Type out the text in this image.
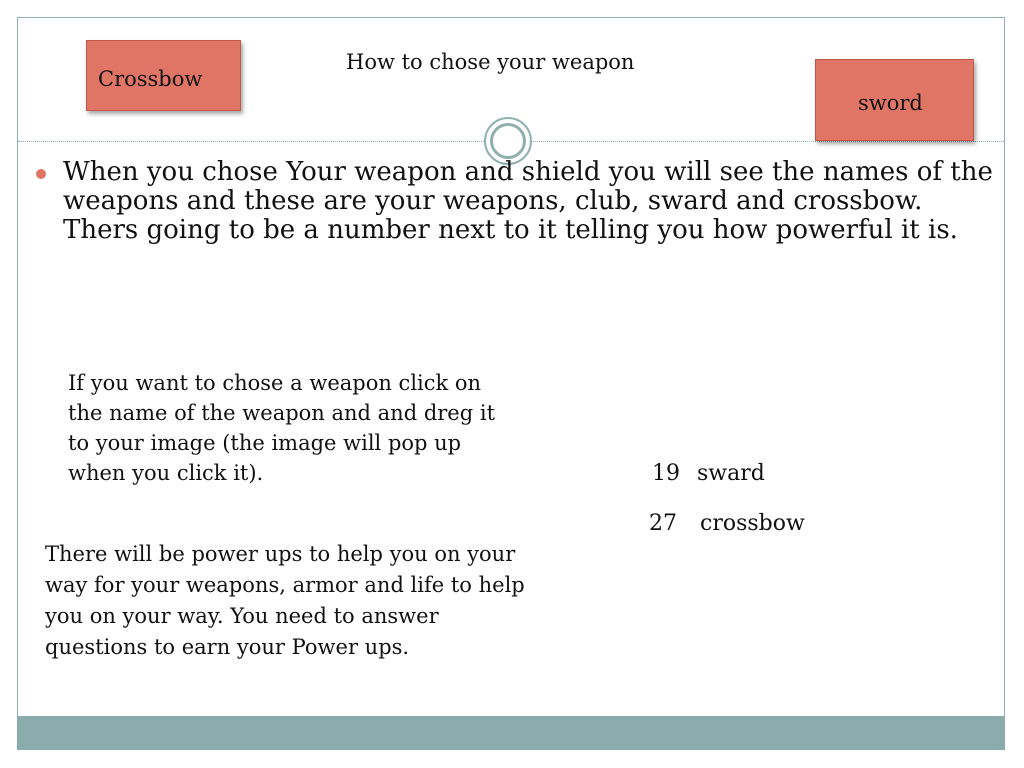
Crossbow
How to chose your weapon
sword
When you chose Your weapon and shield you will see the names of the weapons and these are your weapons, club, sward and crossbow. Thers going to be a number next to it telling you how powerful it is.
If you want to chose a weapon click on the name of the weapon and and dreg it to your image (the image will pop up when you click it).	19 sward
27 crossbow
There will be power ups to help you on your way for your weapons, armor and life to help you on your way. You need to answer questions to earn your Power ups.
